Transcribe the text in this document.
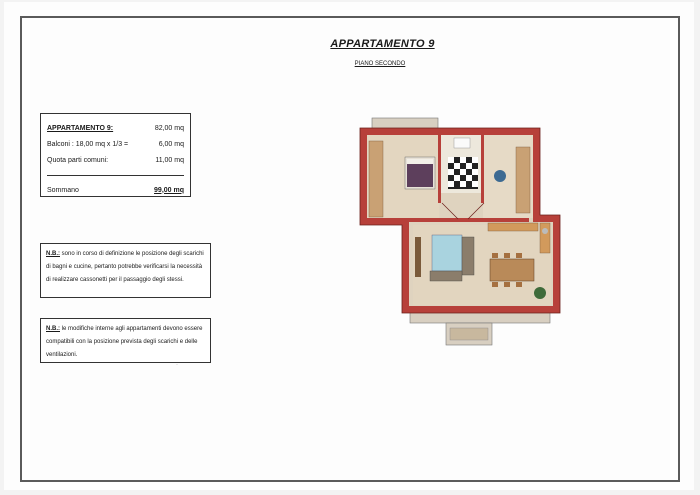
APPARTAMENTO 9
PIANO SECONDO
APPARTAMENTO 9:	82,00 mq
Balconi : 18,00 mq x 1/3 =	6,00 mq
Quota parti comuni:	11,00 mq
Sommano	99,00 mq
N.B.: sono in corso di definizione le posizione degli scarichi di bagni e cucine, pertanto potrebbe verificarsi la necessità di realizzare cassonetti per il passaggio degli stessi.
N.B.: le modifiche interne agli appartamenti devono essere compatibili con la posizione prevista degli scarichi e delle ventilazioni.
·
